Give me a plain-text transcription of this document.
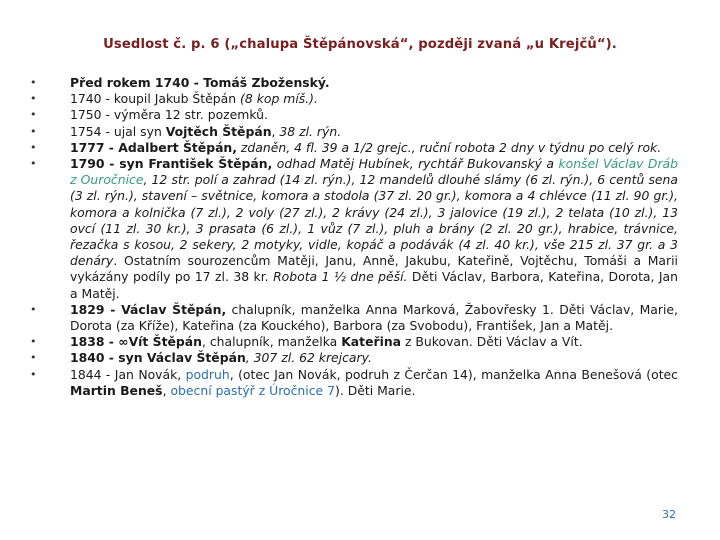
Usedlost č. p. 6 („chalupa Štěpánovská“, později zvaná „u Krejčů“).
• Před rokem 1740 - Tomáš Zboženský.
• 1740 - koupil Jakub Štěpán (8 kop míš.).
• 1750 - výměra 12 str. pozemků.
• 1754 - ujal syn Vojtěch Štěpán, 38 zl. rýn.
• 1777 - Adalbert Štěpán, zdaněn, 4 fl. 39 a 1/2 grejc., ruční robota 2 dny v týdnu po celý rok.
• 1790 - syn František Štěpán, odhad Matěj Hubínek, rychtář Bukovanský a konšel Václav Dráb z Ouročnice, 12 str. polí a zahrad (14 zl. rýn.), 12 mandelů dlouhé slámy (6 zl. rýn.), 6 centů sena (3 zl. rýn.), stavení – světnice, komora a stodola (37 zl. 20 gr.), komora a 4 chlévce (11 zl. 90 gr.), komora a kolnička (7 zl.), 2 voly (27 zl.), 2 krávy (24 zl.), 3 jalovice (19 zl.), 2 telata (10 zl.), 13 ovcí (11 zl. 30 kr.), 3 prasata (6 zl.), 1 vůz (7 zl.), pluh a brány (2 zl. 20 gr.), hrabice, trávnice, řezačka s kosou, 2 sekery, 2 motyky, vidle, kopáč a podávák (4 zl. 40 kr.), vše 215 zl. 37 gr. a 3 denáry. Ostatním sourozencům Matěji, Janu, Anně, Jakubu, Kateřině, Vojtěchu, Tomáši a Marii vykázány podíly po 17 zl. 38 kr. Robota 1 ½ dne pěší. Děti Václav, Barbora, Kateřina, Dorota, Jan a Matěj.
• 1829 - Václav Štěpán, chalupník, manželka Anna Marková, Žabovřesky 1. Děti Václav, Marie, Dorota (za Kříže), Kateřina (za Kouckého), Barbora (za Svobodu), František, Jan a Matěj.
• 1838 - ∞Vít Štěpán, chalupník, manželka Kateřina z Bukovan. Děti Václav a Vít.
• 1840 - syn Václav Štěpán, 307 zl. 62 krejcary.
• 1844 - Jan Novák, podruh, (otec Jan Novák, podruh z Čerčan 14), manželka Anna Benešová (otec Martin Beneš, obecní pastýř z Úročnice 7). Děti Marie.
32
